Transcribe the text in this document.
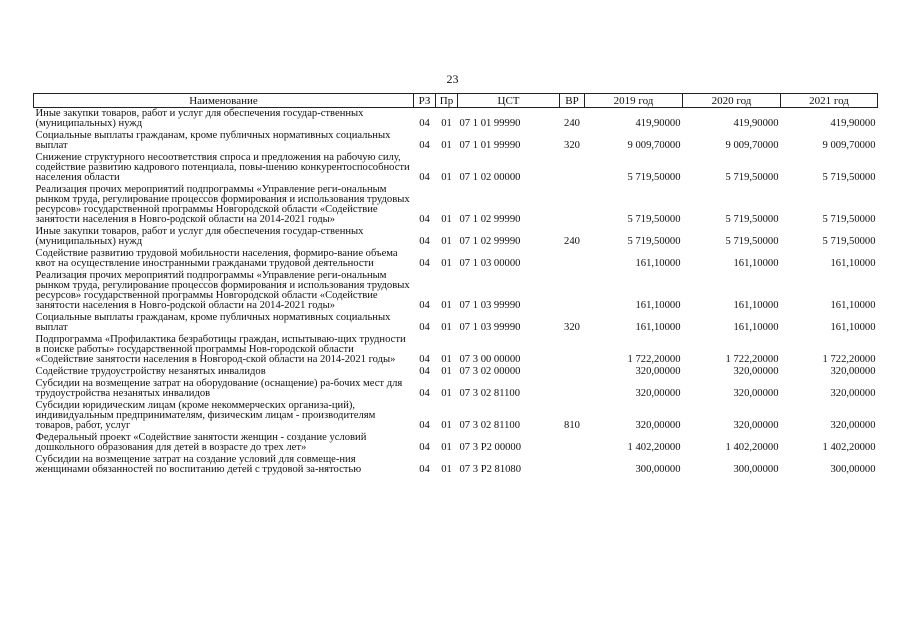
23
Наименование	РЗ	Пр	ЦСТ	ВР	2019 год	2020 год	2021 год
Иные закупки товаров, работ и услуг для обеспечения государ-ственных (муниципальных) нужд	04	01	07 1 01 99990	240	419,90000	419,90000	419,90000
Социальные выплаты гражданам, кроме публичных нормативных социальных выплат	04	01	07 1 01 99990	320	9 009,70000	9 009,70000	9 009,70000
Снижение структурного несоответствия спроса и предложения на рабочую силу, содействие развитию кадрового потенциала, повы-шению конкурентоспособности населения области	04	01	07 1 02 00000		5 719,50000	5 719,50000	5 719,50000
Реализация прочих мероприятий подпрограммы «Управление реги-ональным рынком труда, регулирование процессов формирования и использования трудовых ресурсов» государственной программы Новгородской области «Содействие занятости населения в Новго-родской области на 2014-2021 годы»	04	01	07 1 02 99990		5 719,50000	5 719,50000	5 719,50000
Иные закупки товаров, работ и услуг для обеспечения государ-ственных (муниципальных) нужд	04	01	07 1 02 99990	240	5 719,50000	5 719,50000	5 719,50000
Содействие развитию трудовой мобильности населения, формиро-вание объема квот на осуществление иностранными гражданами трудовой деятельности	04	01	07 1 03 00000		161,10000	161,10000	161,10000
Реализация прочих мероприятий подпрограммы «Управление реги-ональным рынком труда, регулирование процессов формирования и использования трудовых ресурсов» государственной программы Новгородской области «Содействие занятости населения в Новго-родской области на 2014-2021 годы»	04	01	07 1 03 99990		161,10000	161,10000	161,10000
Социальные выплаты гражданам, кроме публичных нормативных социальных выплат	04	01	07 1 03 99990	320	161,10000	161,10000	161,10000
Подпрограмма «Профилактика безработицы граждан, испытываю-щих трудности в поиске работы» государственной программы Нов-городской области «Содействие занятости населения в Новгород-ской области на 2014-2021 годы»	04	01	07 3 00 00000		1 722,20000	1 722,20000	1 722,20000
Содействие трудоустройству незанятых инвалидов	04	01	07 3 02 00000		320,00000	320,00000	320,00000
Субсидии на возмещение затрат на оборудование (оснащение) ра-бочих мест для трудоустройства незанятых инвалидов	04	01	07 3 02 81100		320,00000	320,00000	320,00000
Субсидии юридическим лицам (кроме некоммерческих организа-ций), индивидуальным предпринимателям, физическим лицам - производителям товаров, работ, услуг	04	01	07 3 02 81100	810	320,00000	320,00000	320,00000
Федеральный проект «Содействие занятости женщин - создание условий дошкольного образования для детей в возрасте до трех лет»	04	01	07 3 P2 00000		1 402,20000	1 402,20000	1 402,20000
Субсидии на возмещение затрат на создание условий для совмеще-ния женщинами обязанностей по воспитанию детей с трудовой за-нятостью	04	01	07 3 P2 81080		300,00000	300,00000	300,00000
